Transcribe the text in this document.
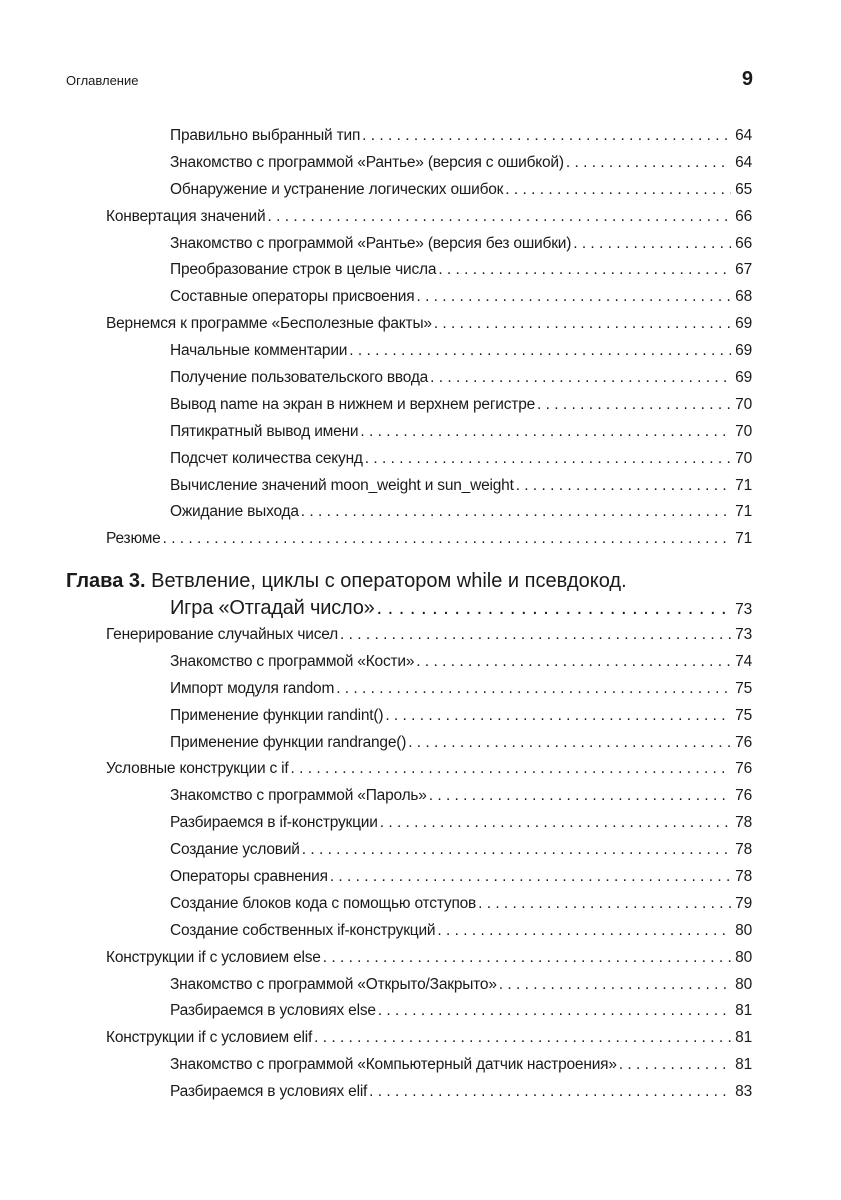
Оглавление	9
Правильно выбранный тип . . .	64
Знакомство с программой «Рантье» (версия с ошибкой) . . .	64
Обнаружение и устранение логических ошибок . . .	65
Конвертация значений . . .	66
Знакомство с программой «Рантье» (версия без ошибки) . . .	66
Преобразование строк в целые числа . . .	67
Составные операторы присвоения . . .	68
Вернемся к программе «Бесполезные факты» . . .	69
Начальные комментарии . . .	69
Получение пользовательского ввода . . .	69
Вывод name на экран в нижнем и верхнем регистре . . .	70
Пятикратный вывод имени . . .	70
Подсчет количества секунд . . .	70
Вычисление значений moon_weight и sun_weight . . .	71
Ожидание выхода . . .	71
Резюме . . .	71
Глава 3. Ветвление, циклы с оператором while и псевдокод.
Игра «Отгадай число» . . .	73
Генерирование случайных чисел . . .	73
Знакомство с программой «Кости» . . .	74
Импорт модуля random . . .	75
Применение функции randint() . . .	75
Применение функции randrange() . . .	76
Условные конструкции с if . . .	76
Знакомство с программой «Пароль» . . .	76
Разбираемся в if-конструкции . . .	78
Создание условий . . .	78
Операторы сравнения . . .	78
Создание блоков кода с помощью отступов . . .	79
Создание собственных if-конструкций . . .	80
Конструкции if с условием else . . .	80
Знакомство с программой «Открыто/Закрыто» . . .	80
Разбираемся в условиях else . . .	81
Конструкции if с условием elif . . .	81
Знакомство с программой «Компьютерный датчик настроения» . . .	81
Разбираемся в условиях elif . . .	83
